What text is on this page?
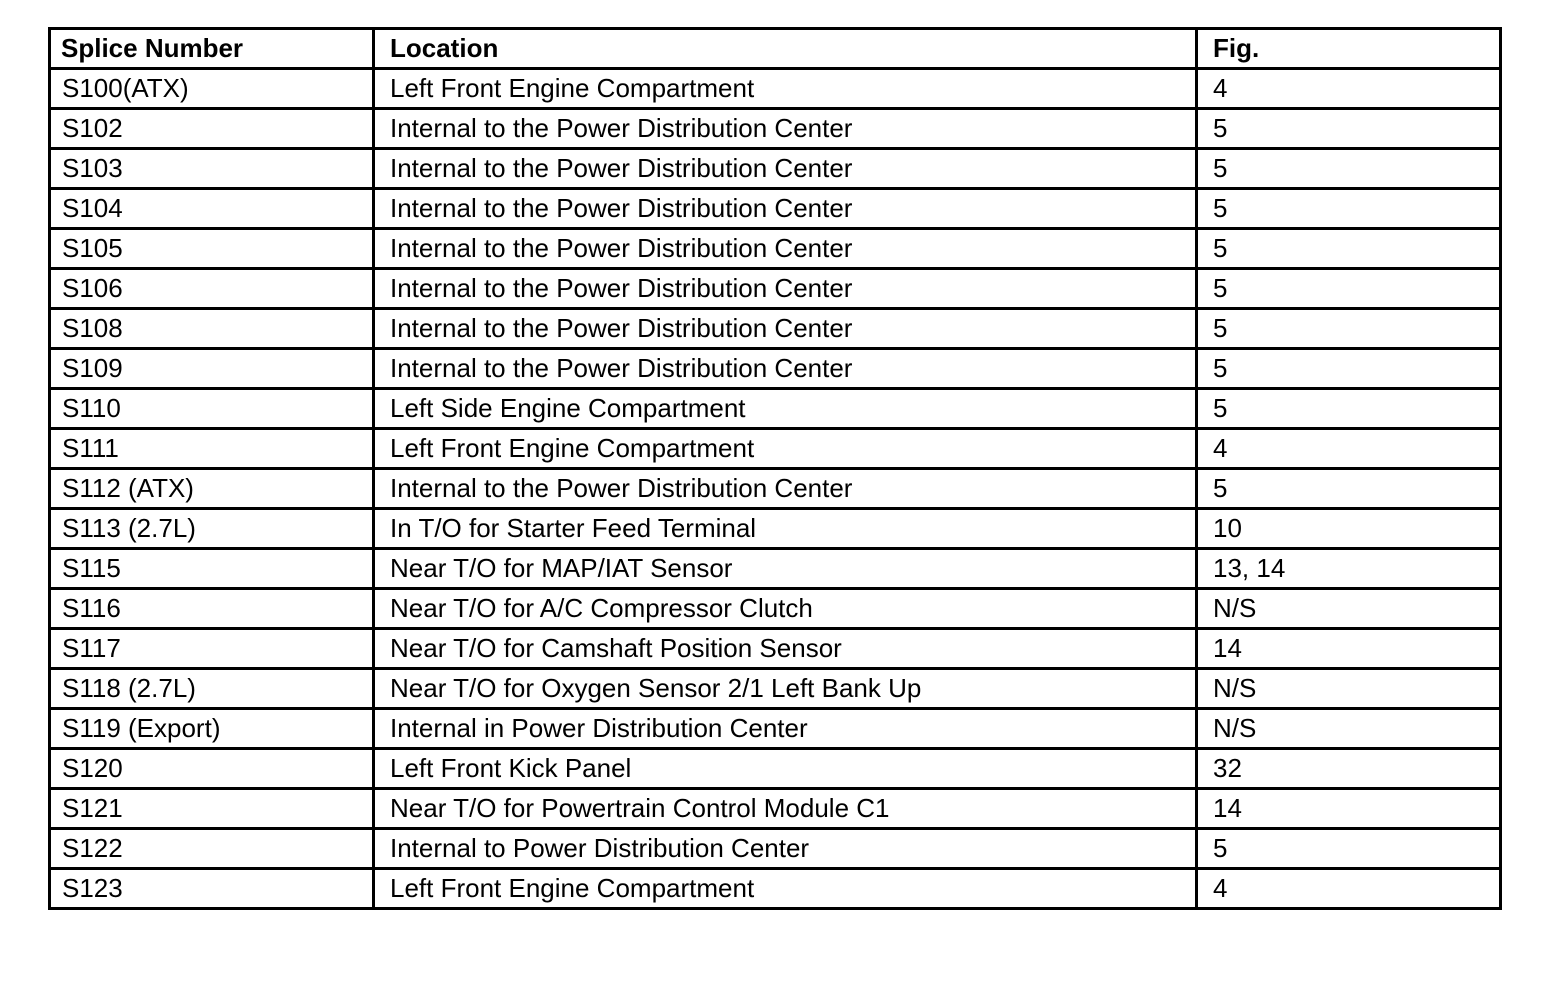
Splice Number	Location	Fig.
S100(ATX)	Left Front Engine Compartment	4
S102	Internal to the Power Distribution Center	5
S103	Internal to the Power Distribution Center	5
S104	Internal to the Power Distribution Center	5
S105	Internal to the Power Distribution Center	5
S106	Internal to the Power Distribution Center	5
S108	Internal to the Power Distribution Center	5
S109	Internal to the Power Distribution Center	5
S110	Left Side Engine Compartment	5
S111	Left Front Engine Compartment	4
S112 (ATX)	Internal to the Power Distribution Center	5
S113 (2.7L)	In T/O for Starter Feed Terminal	10
S115	Near T/O for MAP/IAT Sensor	13, 14
S116	Near T/O for A/C Compressor Clutch	N/S
S117	Near T/O for Camshaft Position Sensor	14
S118 (2.7L)	Near T/O for Oxygen Sensor 2/1 Left Bank Up	N/S
S119 (Export)	Internal in Power Distribution Center	N/S
S120	Left Front Kick Panel	32
S121	Near T/O for Powertrain Control Module C1	14
S122	Internal to Power Distribution Center	5
S123	Left Front Engine Compartment	4
